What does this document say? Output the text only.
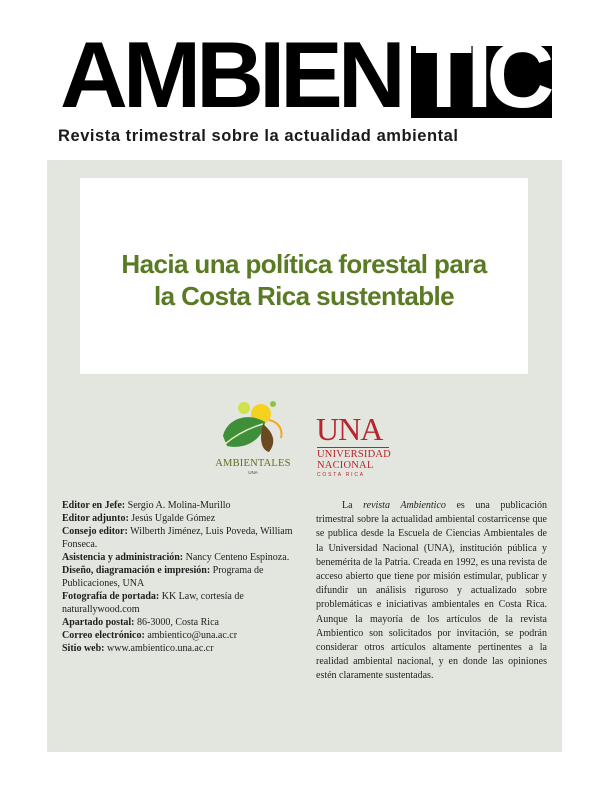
AMBIEN TICO
Revista trimestral sobre la actualidad ambiental
Hacia una política forestal para
la Costa Rica sustentable
AMBIENTALES
UNA
UNA
UNIVERSIDAD
NACIONAL
COSTA RICA

Editor en Jefe: Sergio A. Molina-Murillo

Editor adjunto: Jesús Ugalde Gómez

Consejo editor: Wilberth Jiménez, Luis Poveda, William Fonseca.

Asistencia y administración: Nancy Centeno Espinoza.

Diseño, diagramación e impresión: Programa de Publicaciones, UNA

Fotografía de portada: KK Law, cortesía de naturallywood.com

Apartado postal: 86-3000, Costa Rica

Correo electrónico: ambientico@una.ac.cr

Sitio web: www.ambientico.una.ac.cr

La revista Ambientico es una publicación trimestral sobre la actualidad ambiental costarricense que se publica desde la Escuela de Ciencias Ambientales de la Universidad Nacional (UNA), institución pública y benemérita de la Patria. Creada en 1992, es una revista de acceso abierto que tiene por misión estimular, publicar y difundir un análisis riguroso y actualizado sobre problemáticas e iniciativas ambientales en Costa Rica. Aunque la mayoría de los artículos de la revista Ambientico son solicitados por invitación, se podrán considerar otros artículos altamente pertinentes a la realidad ambiental nacional, y en donde las opiniones estén claramente sustentadas.
